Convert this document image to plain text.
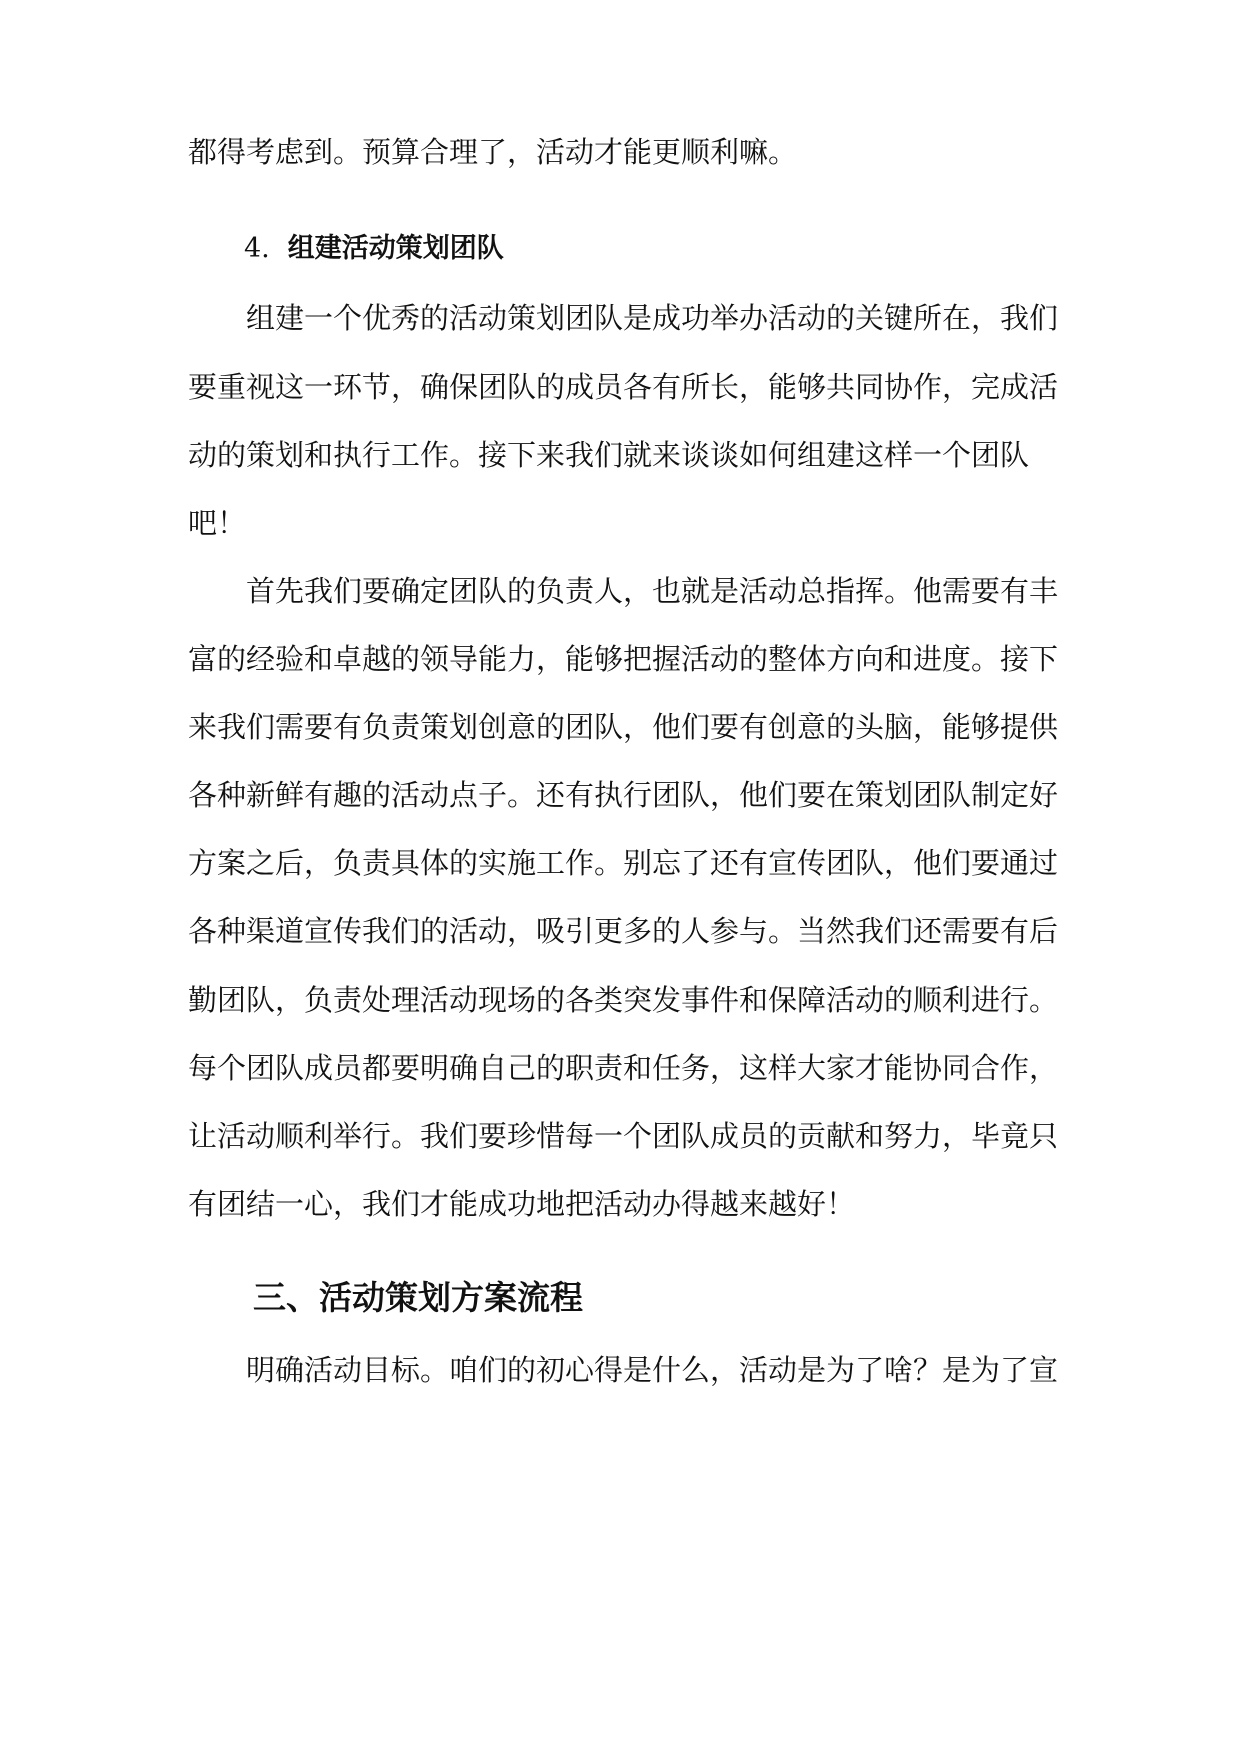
都得考虑到。预算合理了，活动才能更顺利嘛。
4. 组建活动策划团队
组建一个优秀的活动策划团队是成功举办活动的关键所在，我们
要重视这一环节，确保团队的成员各有所长，能够共同协作，完成活
动的策划和执行工作。接下来我们就来谈谈如何组建这样一个团队
吧！
首先我们要确定团队的负责人，也就是活动总指挥。他需要有丰
富的经验和卓越的领导能力，能够把握活动的整体方向和进度。接下
来我们需要有负责策划创意的团队，他们要有创意的头脑，能够提供
各种新鲜有趣的活动点子。还有执行团队，他们要在策划团队制定好
方案之后，负责具体的实施工作。别忘了还有宣传团队，他们要通过
各种渠道宣传我们的活动，吸引更多的人参与。当然我们还需要有后
勤团队，负责处理活动现场的各类突发事件和保障活动的顺利进行。
每个团队成员都要明确自己的职责和任务，这样大家才能协同合作，
让活动顺利举行。我们要珍惜每一个团队成员的贡献和努力，毕竟只
有团结一心，我们才能成功地把活动办得越来越好！
三、活动策划方案流程
明确活动目标。咱们的初心得是什么，活动是为了啥？是为了宣
